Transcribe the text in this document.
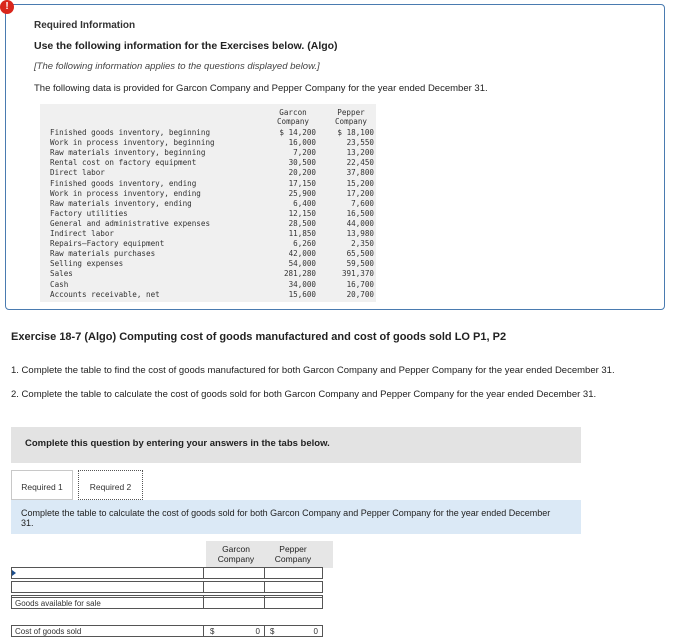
!
Required Information
Use the following information for the Exercises below. (Algo)
[The following information applies to the questions displayed below.]
The following data is provided for Garcon Company and Pepper Company for the year ended December 31.
Garcon
Company
Pepper
Company
Finished goods inventory, beginning	$ 14,200	$ 18,100
Work in process inventory, beginning	16,000	23,550
Raw materials inventory, beginning	7,200	13,200
Rental cost on factory equipment	30,500	22,450
Direct labor	20,200	37,800
Finished goods inventory, ending	17,150	15,200
Work in process inventory, ending	25,900	17,200
Raw materials inventory, ending	6,400	7,600
Factory utilities	12,150	16,500
General and administrative expenses	28,500	44,000
Indirect labor	11,850	13,980
Repairs—Factory equipment	6,260	2,350
Raw materials purchases	42,000	65,500
Selling expenses	54,000	59,500
Sales	281,280	391,370
Cash	34,000	16,700
Accounts receivable, net	15,600	20,700
Exercise 18-7 (Algo) Computing cost of goods manufactured and cost of goods sold LO P1, P2
1. Complete the table to find the cost of goods manufactured for both Garcon Company and Pepper Company for the year ended December 31.
2. Complete the table to calculate the cost of goods sold for both Garcon Company and Pepper Company for the year ended December 31.
Complete this question by entering your answers in the tabs below.
Required 1	Required 2
Complete the table to calculate the cost of goods sold for both Garcon Company and Pepper Company for the year ended December 31.
Garcon
Company
Pepper
Company
Goods available for sale
Cost of goods sold	$	0 $	0
